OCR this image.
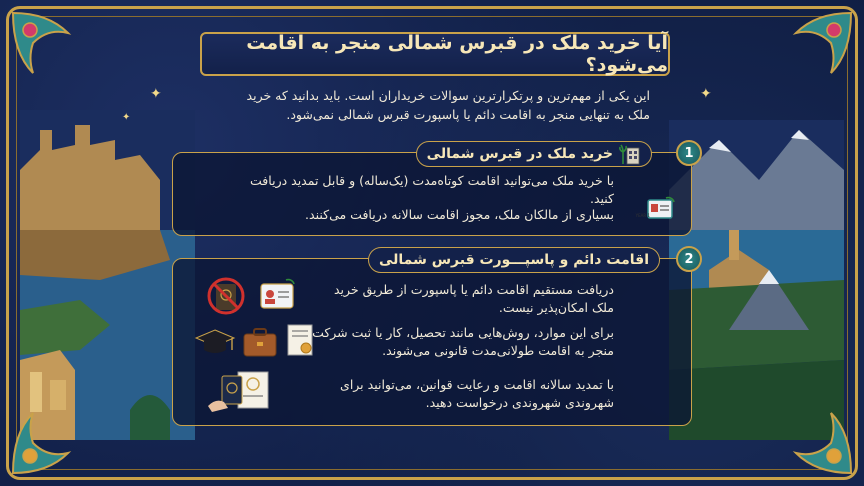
✦
✦
✦
آیا خرید ملک در قبرس شمالی منجر به اقامت می‌شود؟

این یکی از مهم‌ترین و پرتکرارترین سوالات خریداران است. باید بدانید که خرید

ملک به تنهایی منجر به اقامت دائم یا پاسپورت قبرس شمالی نمی‌شود.

1
خرید ملک در قبرس شمالی
با خرید ملک می‌توانید اقامت کوتاه‌مدت (یک‌ساله) و قابل تمدید دریافت کنید.
1 YEAR
بسیاری از مالکان ملک، مجوز اقامت سالانه دریافت می‌کنند.
2
اقامت دائم و پاسپـــورت قبرس شمالی
دریافت مستقیم اقامت دائم یا پاسپورت از طریق خرید ملک امکان‌پذیر نیست.
برای این موارد، روش‌هایی مانند تحصیل، کار یا ثبت شرکت منجر به اقامت طولانی‌مدت قانونی می‌شوند.
با تمدید سالانه اقامت و رعایت قوانین، می‌توانید برای شهروندی شهروندی درخواست دهید.
